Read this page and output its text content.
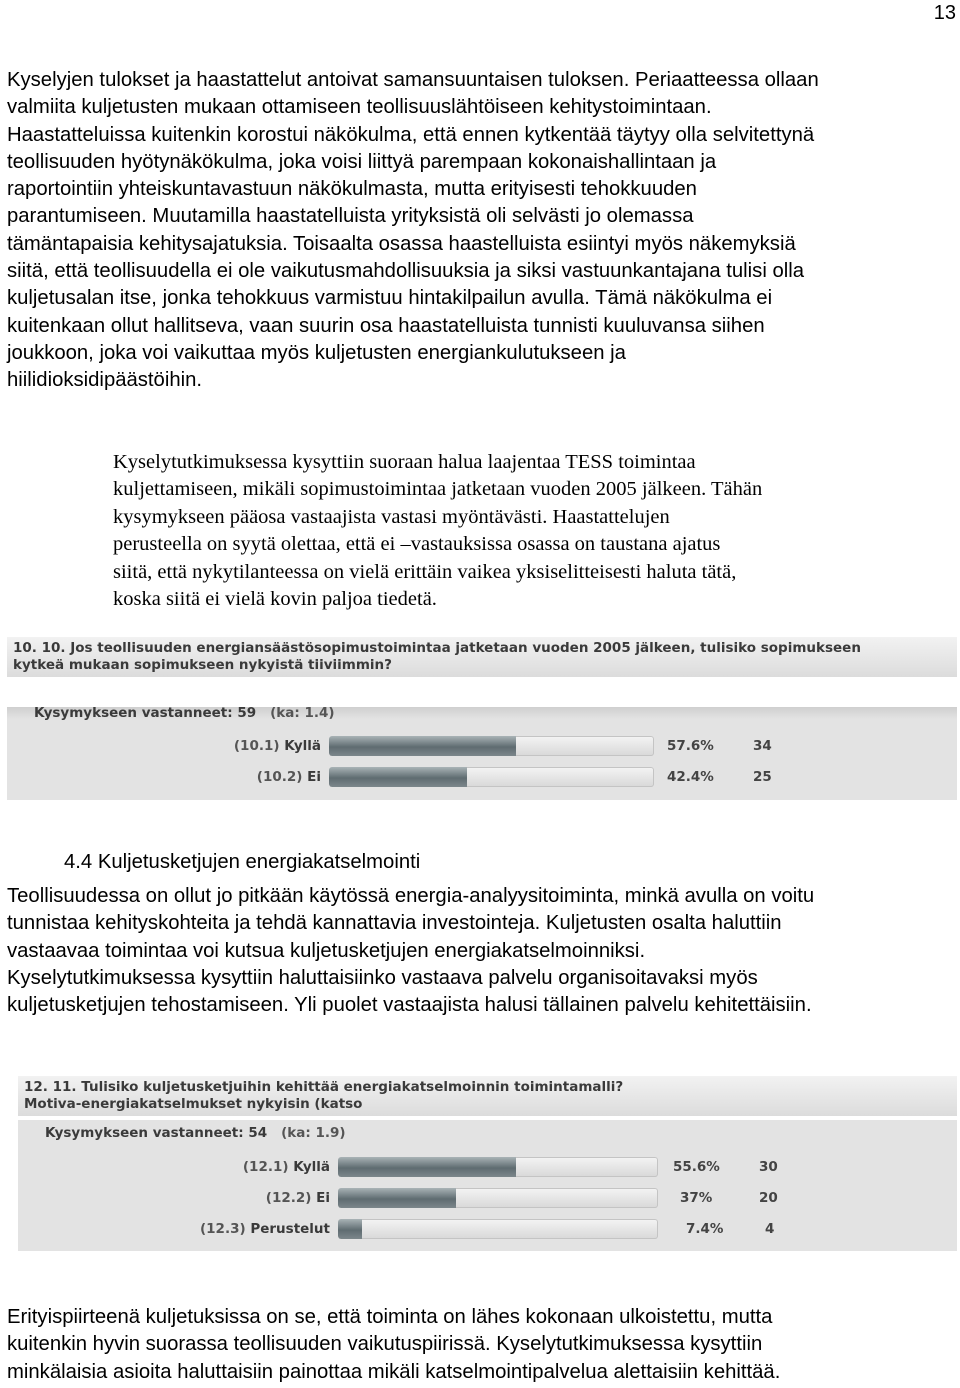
13

Kyselyjen tulokset ja haastattelut antoivat samansuuntaisen tuloksen. Periaatteessa ollaan
valmiita kuljetusten mukaan ottamiseen teollisuuslähtöiseen kehitystoimintaan.
Haastatteluissa kuitenkin korostui näkökulma, että ennen kytkentää täytyy olla selvitettynä
teollisuuden hyötynäkökulma, joka voisi liittyä parempaan kokonaishallintaan ja
raportointiin yhteiskuntavastuun näkökulmasta, mutta erityisesti tehokkuuden
parantumiseen. Muutamilla haastatelluista yrityksistä oli selvästi jo olemassa
tämäntapaisia kehitysajatuksia. Toisaalta osassa haastelluista esiintyi myös näkemyksiä
siitä, että teollisuudella ei ole vaikutusmahdollisuuksia ja siksi vastuunkantajana tulisi olla
kuljetusalan itse, jonka tehokkuus varmistuu hintakilpailun avulla. Tämä näkökulma ei
kuitenkaan ollut hallitseva, vaan suurin osa haastatelluista tunnisti kuuluvansa siihen
joukkoon, joka voi vaikuttaa myös kuljetusten energiankulutukseen ja
hiilidioksidipäästöihin.

Kyselytutkimuksessa kysyttiin suoraan halua laajentaa TESS toimintaa
kuljettamiseen, mikäli sopimustoimintaa jatketaan vuoden 2005 jälkeen. Tähän
kysymykseen pääosa vastaajista vastasi myöntävästi. Haastattelujen
perusteella on syytä olettaa, että ei –vastauksissa osassa on taustana ajatus
siitä, että nykytilanteessa on vielä erittäin vaikea yksiselitteisesti haluta tätä,
koska siitä ei vielä kovin paljoa tiedetä.

10. 10. Jos teollisuuden energiansäästösopimustoimintaa jatketaan vuoden 2005 jälkeen, tulisiko sopimukseen
kytkeä mukaan sopimukseen nykyistä tiiviimmin?
Kysymykseen vastanneet: 59 (ka: 1.4)
(10.1) Kyllä	57.6%	34
(10.2) Ei	42.4%	25
4.4 Kuljetusketjujen energiakatselmointi

Teollisuudessa on ollut jo pitkään käytössä energia-analyysitoiminta, minkä avulla on voitu
tunnistaa kehityskohteita ja tehdä kannattavia investointeja. Kuljetusten osalta haluttiin
vastaavaa toimintaa voi kutsua kuljetusketjujen energiakatselmoinniksi.
Kyselytutkimuksessa kysyttiin haluttaisiinko vastaava palvelu organisoitavaksi myös
kuljetusketjujen tehostamiseen. Yli puolet vastaajista halusi tällainen palvelu kehitettäisiin.

12. 11. Tulisiko kuljetusketjuihin kehittää energiakatselmoinnin toimintamalli?
Motiva-energiakatselmukset nykyisin (katso
Kysymykseen vastanneet: 54 (ka: 1.9)
(12.1) Kyllä	55.6%	30
(12.2) Ei	37%	20
(12.3) Perustelut	7.4%	4

Erityispiirteenä kuljetuksissa on se, että toiminta on lähes kokonaan ulkoistettu, mutta
kuitenkin hyvin suorassa teollisuuden vaikutuspiirissä. Kyselytutkimuksessa kysyttiin
minkälaisia asioita haluttaisiin painottaa mikäli katselmointipalvelua alettaisiin kehittää.
